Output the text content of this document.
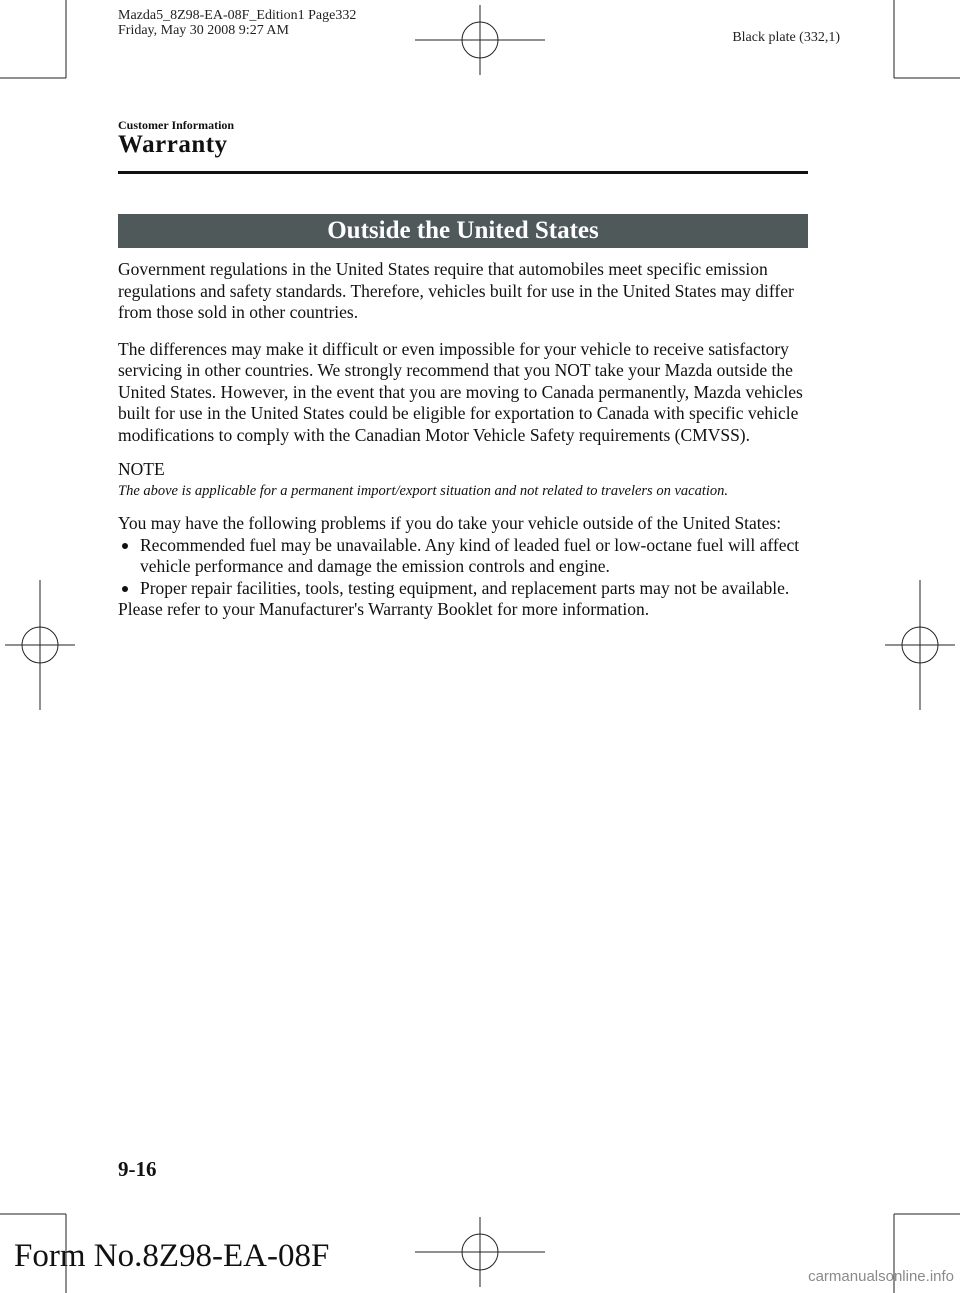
Mazda5_8Z98-EA-08F_Edition1 Page332
Friday, May 30 2008 9:27 AM	Black plate (332,1)
Customer Information
Warranty
Outside the United States

Government regulations in the United States require that automobiles meet specific emission regulations and safety standards. Therefore, vehicles built for use in the United States may differ from those sold in other countries.

The differences may make it difficult or even impossible for your vehicle to receive satisfactory servicing in other countries. We strongly recommend that you NOT take your Mazda outside the United States. However, in the event that you are moving to Canada permanently, Mazda vehicles built for use in the United States could be eligible for exportation to Canada with specific vehicle modifications to comply with the Canadian Motor Vehicle Safety requirements (CMVSS).

NOTE
The above is applicable for a permanent import/export situation and not related to travelers on vacation.

You may have the following problems if you do take your vehicle outside of the United States:

Recommended fuel may be unavailable. Any kind of leaded fuel or low-octane fuel will affect vehicle performance and damage the emission controls and engine.
Proper repair facilities, tools, testing equipment, and replacement parts may not be available.

Please refer to your Manufacturer's Warranty Booklet for more information.

9-16
Form No.8Z98-EA-08F
carmanualsonline.info
